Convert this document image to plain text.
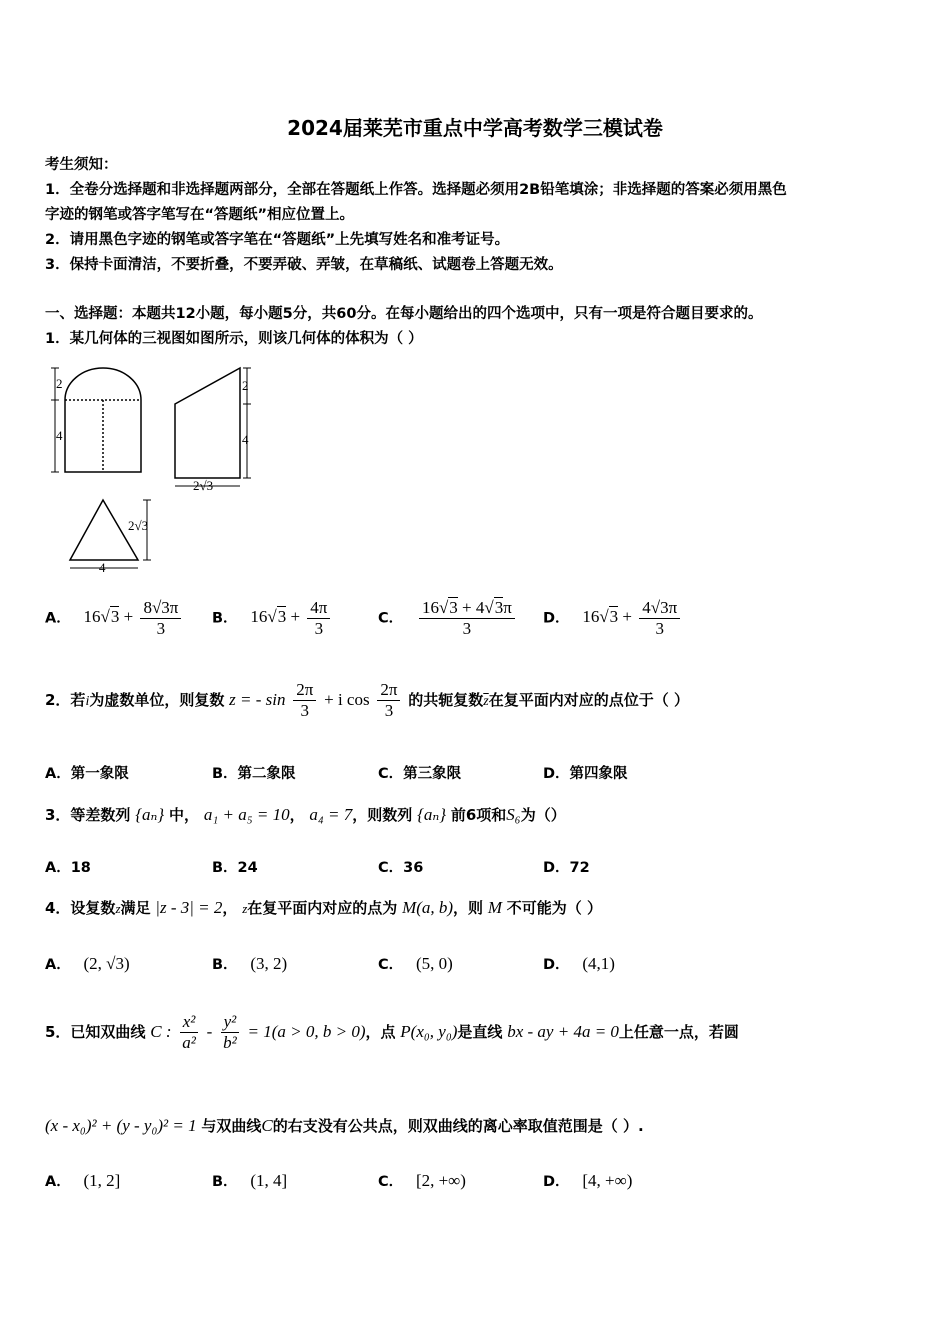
2024届莱芜市重点中学高考数学三模试卷
考生须知：
1．全卷分选择题和非选择题两部分，全部在答题纸上作答。选择题必须用2B铅笔填涂；非选择题的答案必须用黑色
字迹的钢笔或答字笔写在“答题纸”相应位置上。
2．请用黑色字迹的钢笔或答字笔在“答题纸”上先填写姓名和准考证号。
3．保持卡面清洁，不要折叠，不要弄破、弄皱，在草稿纸、试题卷上答题无效。
一、选择题：本题共12小题，每小题5分，共60分。在每小题给出的四个选项中，只有一项是符合题目要求的。
1．某几何体的三视图如图所示，则该几何体的体积为（ ）
2
4
2
4
2√3
2√3
4
A． $16√3 + \frac{8√3\pi}{3}$ B． $16√3 + \frac{4\pi}{3}$	C． $\frac{16√3 + 4√3\pi}{3}$ D． $16√3 + \frac{4√3\pi}{3}$
2．若i为虚数单位，则复数 z = - $\sin \frac{2\pi}{3} + i$ $\cos \frac{2\pi}{3}$ 的共轭复数$\overline{z}$在复平面内对应的点位于（ ）
A．第一象限	B．第二象限	C．第三象限	D．第四象限
3．等差数列 {aₙ} 中， a₁ + a₅ = 10， a₄ = 7，则数列 {aₙ} 前6项和S₆为（）
A．18	B．24	C．36	D．72
4．设复数z满足 |z - 3| = 2， z在复平面内对应的点为 M(a, b)，则 M 不可能为（ ）
A． (2, √3)	B． (3, 2)	C． (5, 0)	D． (4,1)
5．已知双曲线 C : $\frac{\text{x²}}{\text{a²}} - \frac{\text{y²}}{\text{b²}} = 1(a > 0$, b > 0)，点 P(x₀, y₀)是直线 bx - ay + 4a = 0上任意一点，若圆
(x - x₀)² + (y - y₀)² = 1 与双曲线C的右支没有公共点，则双曲线的离心率取值范围是（ ）.
A． (1, 2]	B． (1, 4]	C． [2, +∞)	D． [4, +∞)
